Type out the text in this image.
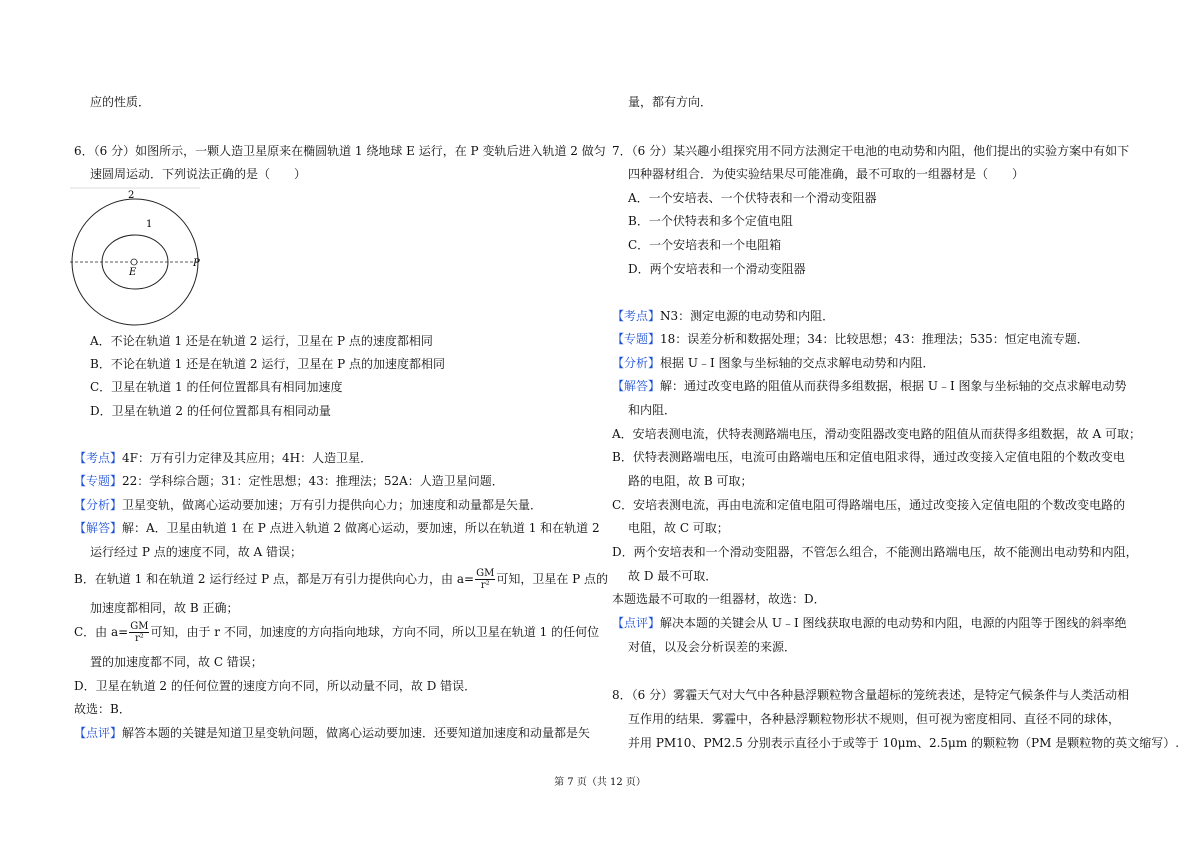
应的性质．
6．（6 分）如图所示，一颗人造卫星原来在椭圆轨道 1 绕地球 E 运行，在 P 变轨后进入轨道 2 做匀
速圆周运动．下列说法正确的是（　　）
2
1
E
P
A．不论在轨道 1 还是在轨道 2 运行，卫星在 P 点的速度都相同
B．不论在轨道 1 还是在轨道 2 运行，卫星在 P 点的加速度都相同
C．卫星在轨道 1 的任何位置都具有相同加速度
D．卫星在轨道 2 的任何位置都具有相同动量
【考点】4F：万有引力定律及其应用；4H：人造卫星．
【专题】22：学科综合题；31：定性思想；43：推理法；52A：人造卫星问题．
【分析】卫星变轨，做离心运动要加速；万有引力提供向心力；加速度和动量都是矢量．
【解答】解：A．卫星由轨道 1 在 P 点进入轨道 2 做离心运动，要加速，所以在轨道 1 和在轨道 2
运行经过 P 点的速度不同，故 A 错误；
B．在轨道 1 和在轨道 2 运行经过 P 点，都是万有引力提供向心力，由 $a= \frac{GM}{\text{r²}}$ 可知，卫星在 P 点的
加速度都相同，故 B 正确；
C．由 $a= \frac{GM}{\text{r²}}$ 可知，由于 r 不同，加速度的方向指向地球，方向不同，所以卫星在轨道 1 的任何位
置的加速度都不同，故 C 错误；
D．卫星在轨道 2 的任何位置的速度方向不同，所以动量不同，故 D 错误．
故选：B．
【点评】解答本题的关键是知道卫星变轨问题，做离心运动要加速．还要知道加速度和动量都是矢
量，都有方向．
7．（6 分）某兴趣小组探究用不同方法测定干电池的电动势和内阻，他们提出的实验方案中有如下
四种器材组合．为使实验结果尽可能准确，最不可取的一组器材是（　　）
A．一个安培表、一个伏特表和一个滑动变阻器
B．一个伏特表和多个定值电阻
C．一个安培表和一个电阻箱
D．两个安培表和一个滑动变阻器
【考点】N3：测定电源的电动势和内阻．
【专题】18：误差分析和数据处理；34：比较思想；43：推理法；535：恒定电流专题．
【分析】根据 U﹣I 图象与坐标轴的交点求解电动势和内阻．
【解答】解：通过改变电路的阻值从而获得多组数据，根据 U﹣I 图象与坐标轴的交点求解电动势
和内阻．
A．安培表测电流，伏特表测路端电压，滑动变阻器改变电路的阻值从而获得多组数据，故 A 可取；
B．伏特表测路端电压，电流可由路端电压和定值电阻求得，通过改变接入定值电阻的个数改变电
路的电阻，故 B 可取；
C．安培表测电流，再由电流和定值电阻可得路端电压，通过改变接入定值电阻的个数改变电路的
电阻，故 C 可取；
D．两个安培表和一个滑动变阻器，不管怎么组合，不能测出路端电压，故不能测出电动势和内阻，
故 D 最不可取．
本题选最不可取的一组器材，故选：D．
【点评】解决本题的关键会从 U﹣I 图线获取电源的电动势和内阻，电源的内阻等于图线的斜率绝
对值，以及会分析误差的来源．
8．（6 分）雾霾天气对大气中各种悬浮颗粒物含量超标的笼统表述，是特定气候条件与人类活动相
互作用的结果．雾霾中，各种悬浮颗粒物形状不规则，但可视为密度相同、直径不同的球体，
并用 PM10、PM2.5 分别表示直径小于或等于 10μm、2.5μm 的颗粒物（PM 是颗粒物的英文缩写）.
第 7 页（共 12 页）
